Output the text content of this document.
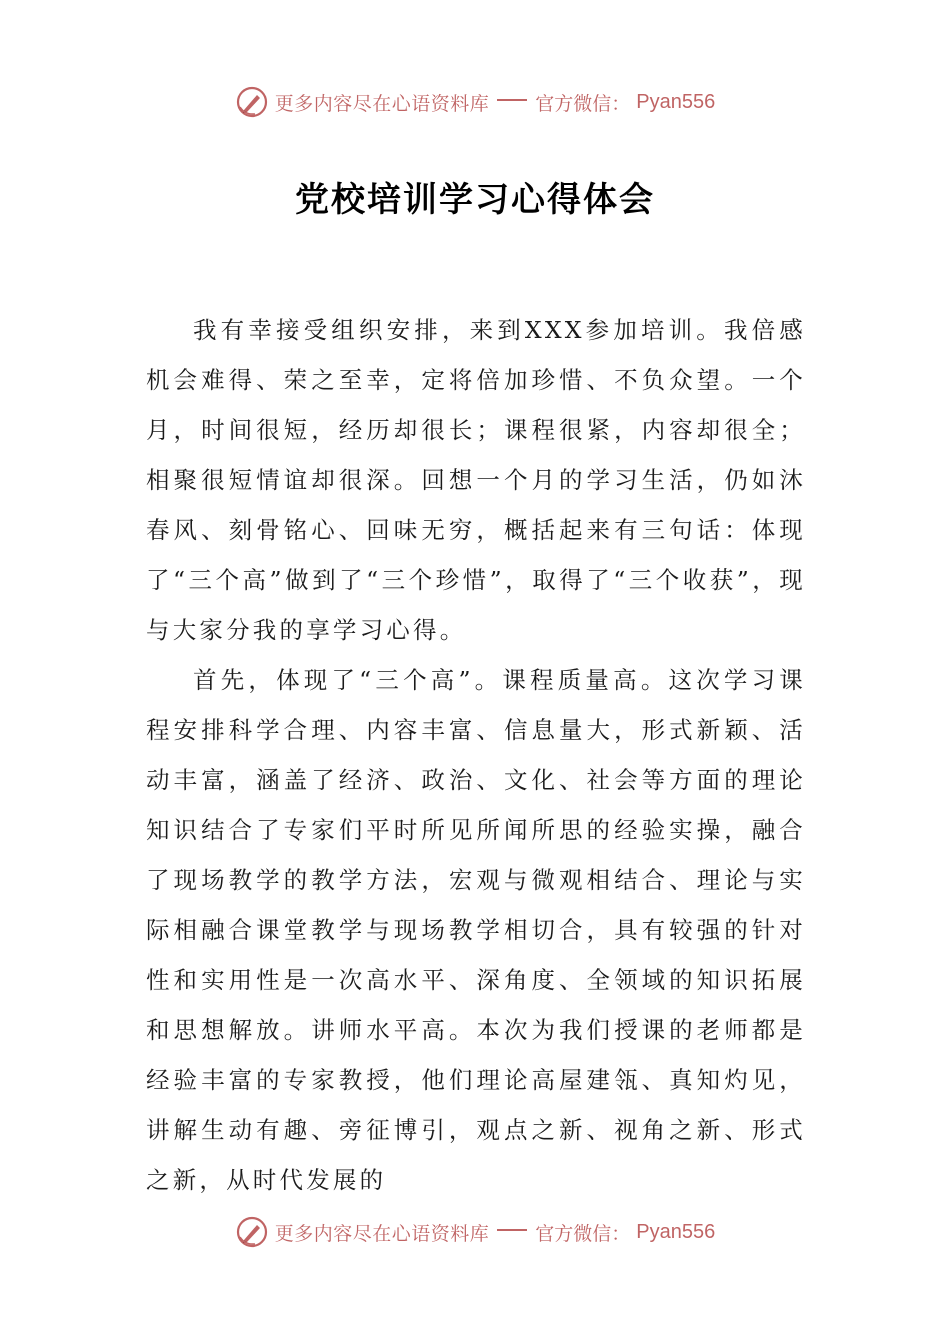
更多内容尽在心语资料库 官方微信： Pyan556
党校培训学习心得体会

我有幸接受组织安排，来到XXX参加培训。我倍感机会难得、荣之至幸，定将倍加珍惜、不负众望。一个月，时间很短，经历却很长；课程很紧，内容却很全；相聚很短情谊却很深。回想一个月的学习生活，仍如沐春风、刻骨铭心、回味无穷，概括起来有三句话：体现了“三个高”做到了“三个珍惜”，取得了“三个收获”，现与大家分我的享学习心得。

首先，体现了“三个高”。课程质量高。这次学习课程安排科学合理、内容丰富、信息量大，形式新颖、活动丰富，涵盖了经济、政治、文化、社会等方面的理论知识结合了专家们平时所见所闻所思的经验实操，融合了现场教学的教学方法，宏观与微观相结合、理论与实际相融合课堂教学与现场教学相切合，具有较强的针对性和实用性是一次高水平、深角度、全领域的知识拓展和思想解放。讲师水平高。本次为我们授课的老师都是经验丰富的专家教授，他们理论高屋建瓴、真知灼见，讲解生动有趣、旁征博引，观点之新、视角之新、形式之新，从时代发展的

更多内容尽在心语资料库 官方微信： Pyan556
